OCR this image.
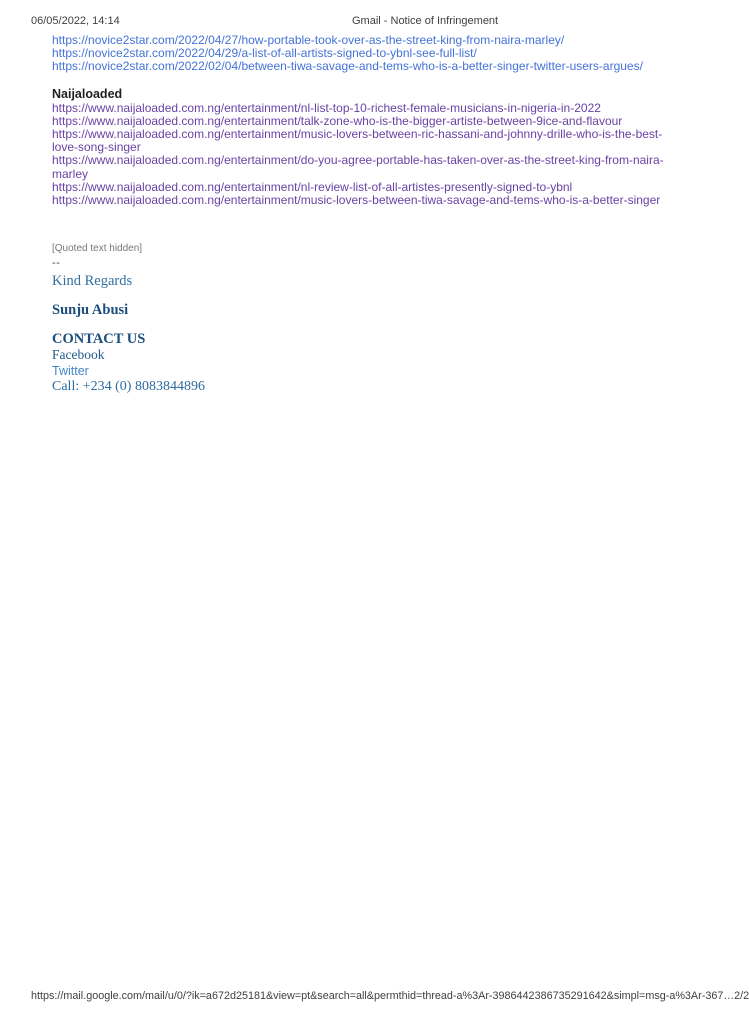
06/05/2022, 14:14	Gmail - Notice of Infringement
https://novice2star.com/2022/04/27/how-portable-took-over-as-the-street-king-from-naira-marley/
https://novice2star.com/2022/04/29/a-list-of-all-artists-signed-to-ybnl-see-full-list/
https://novice2star.com/2022/02/04/between-tiwa-savage-and-tems-who-is-a-better-singer-twitter-users-argues/
Naijaloaded
https://www.naijaloaded.com.ng/entertainment/nl-list-top-10-richest-female-musicians-in-nigeria-in-2022
https://www.naijaloaded.com.ng/entertainment/talk-zone-who-is-the-bigger-artiste-between-9ice-and-flavour
https://www.naijaloaded.com.ng/entertainment/music-lovers-between-ric-hassani-and-johnny-drille-who-is-the-best-love-song-singer
https://www.naijaloaded.com.ng/entertainment/do-you-agree-portable-has-taken-over-as-the-street-king-from-naira-marley
https://www.naijaloaded.com.ng/entertainment/nl-review-list-of-all-artistes-presently-signed-to-ybnl
https://www.naijaloaded.com.ng/entertainment/music-lovers-between-tiwa-savage-and-tems-who-is-a-better-singer
[Quoted text hidden]
--
Kind Regards
Sunju Abusi
CONTACT US
Facebook
Twitter
Call: +234 (0) 8083844896
https://mail.google.com/mail/u/0/?ik=a672d25181&view=pt&search=all&permthid=thread-a%3Ar-3986442386735291642&simpl=msg-a%3Ar-367… 2/2
